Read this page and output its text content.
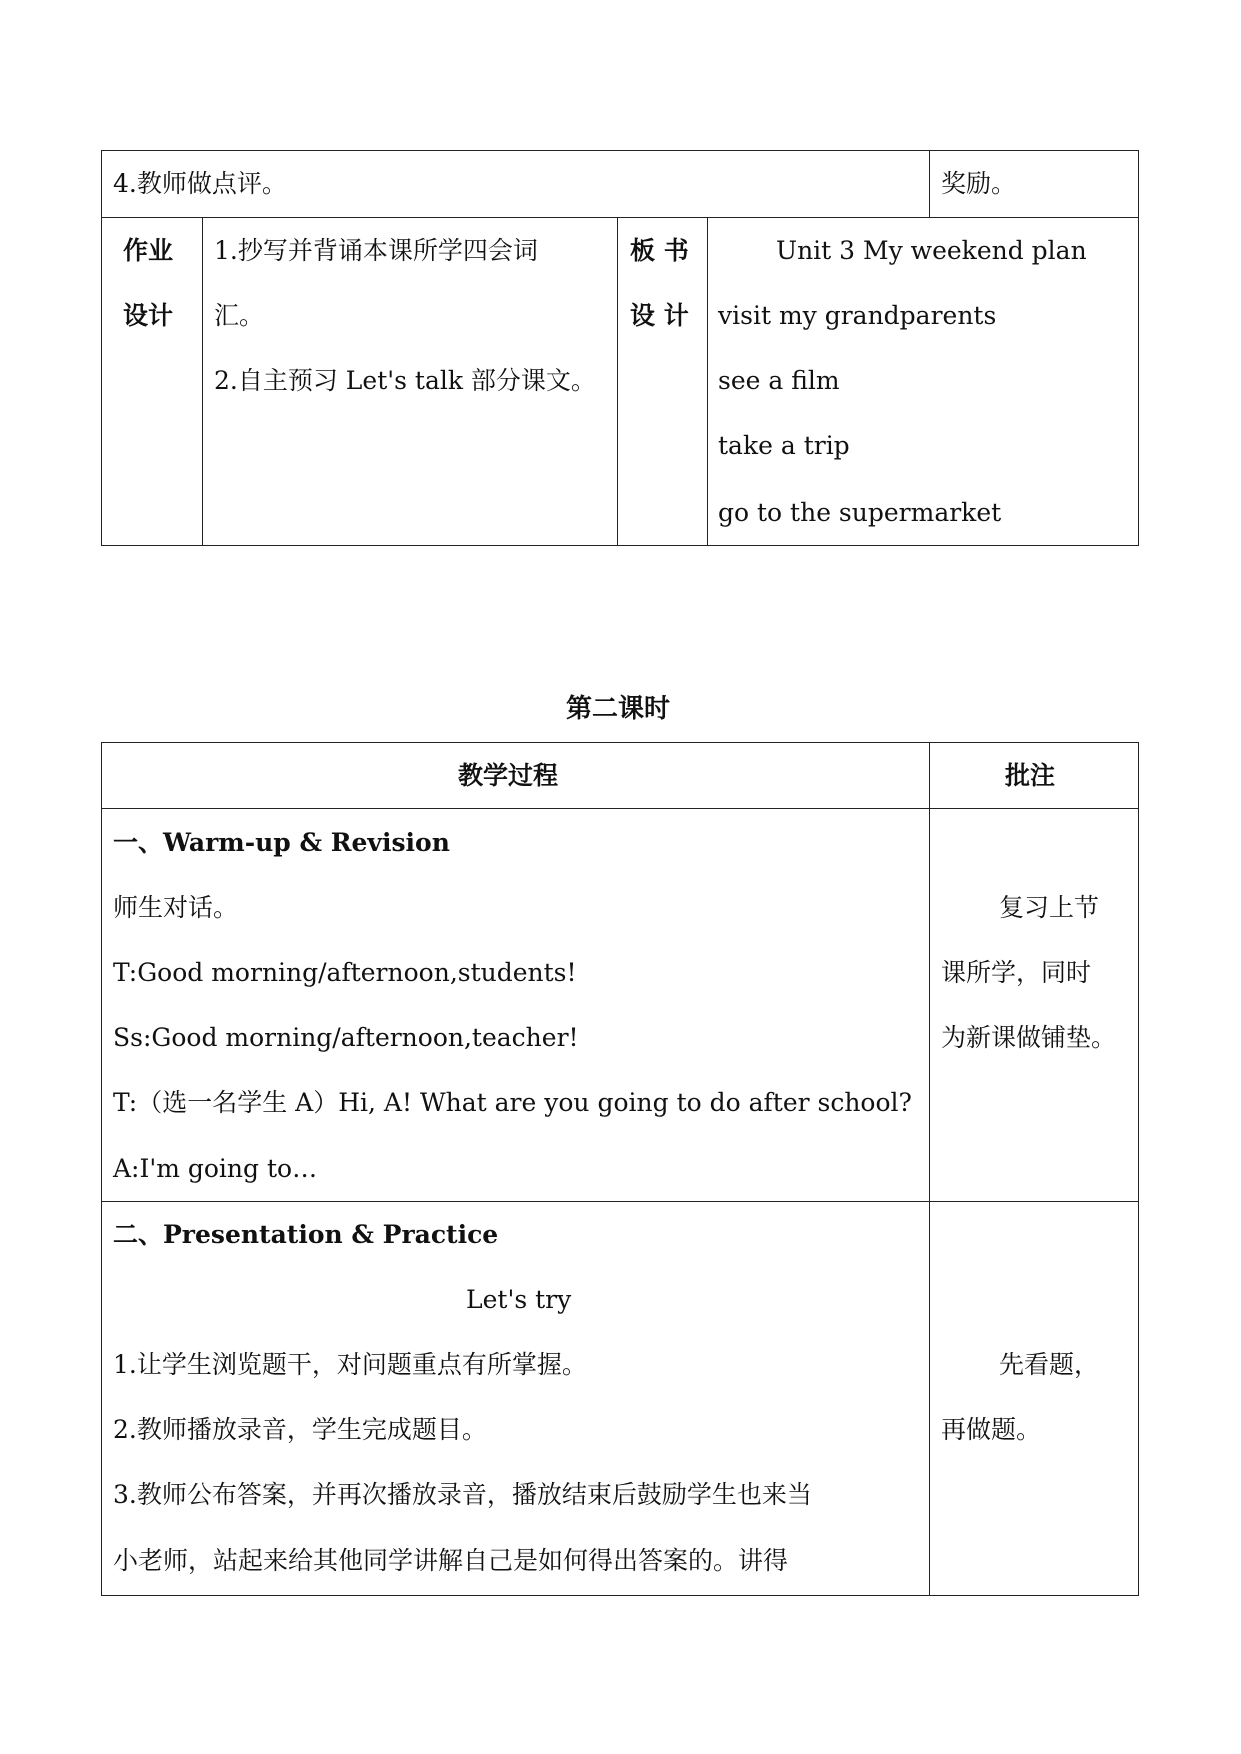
4.教师做点评。	奖励。
作业
设计
1.抄写并背诵本课所学四会词
汇。
2.自主预习 Let's talk 部分课文。
板 书
设 计
Unit 3 My weekend plan
visit my grandparents
see a film
take a trip
go to the supermarket
第二课时
教学过程	批注
一、Warm-up & Revision
师生对话。
T:Good morning/afternoon,students!
Ss:Good morning/afternoon,teacher!
T:（选一名学生 A）Hi, A! What are you going to do after school?
A:I'm going to…
复习上节
课所学，同时
为新课做铺垫。
二、Presentation & Practice
Let's try
1.让学生浏览题干，对问题重点有所掌握。
2.教师播放录音，学生完成题目。
3.教师公布答案，并再次播放录音，播放结束后鼓励学生也来当
小老师，站起来给其他同学讲解自己是如何得出答案的。讲得
先看题，
再做题。
